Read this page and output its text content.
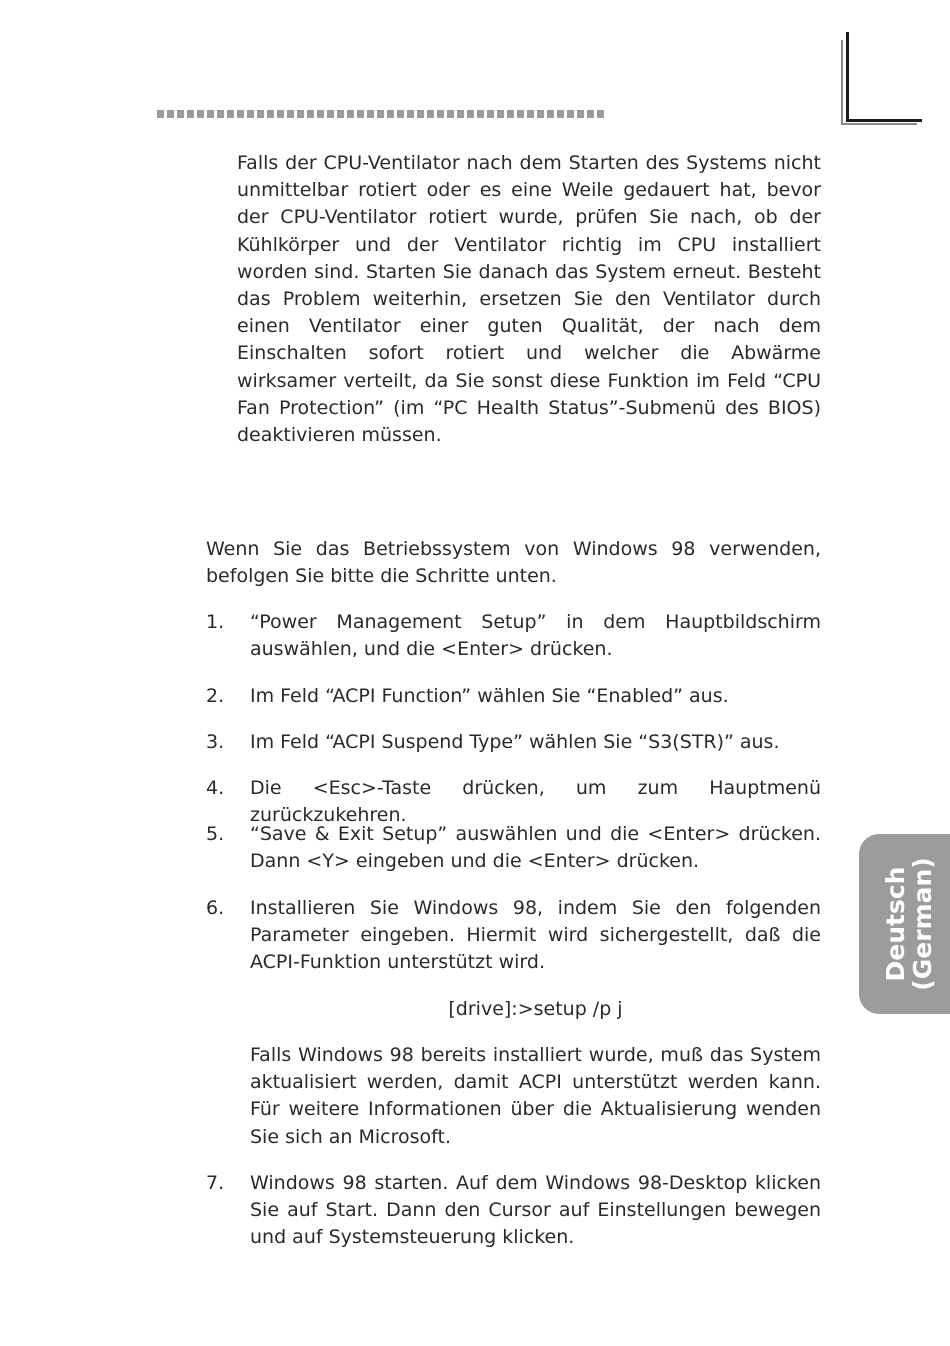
Falls der CPU-Ventilator nach dem Starten des Systems nicht unmittelbar rotiert oder es eine Weile gedauert hat, bevor der CPU-Ventilator rotiert wurde, prüfen Sie nach, ob der Kühlkörper und der Ventilator richtig im CPU installiert worden sind. Starten Sie danach das System erneut. Besteht das Problem weiterhin, ersetzen Sie den Ventilator durch einen Ventilator einer guten Qualität, der nach dem Einschalten sofort rotiert und welcher die Abwärme wirksamer verteilt, da Sie sonst diese Funktion im Feld “CPU Fan Protection” (im “PC Health Status”-Submenü des BIOS) deaktivieren müssen.

Wenn Sie das Betriebssystem von Windows 98 verwenden, befolgen Sie bitte die Schritte unten.

1. “Power Management Setup” in dem Hauptbildschirm auswählen, und die <Enter> drücken.
2. Im Feld “ACPI Function” wählen Sie “Enabled” aus.
3. Im Feld “ACPI Suspend Type” wählen Sie “S3(STR)” aus.
4. Die <Esc>-Taste drücken, um zum Hauptmenü zurückzukehren.
5. “Save & Exit Setup” auswählen und die <Enter> drücken. Dann <Y> eingeben und die <Enter> drücken.
6. Installieren Sie Windows 98, indem Sie den folgenden Parameter eingeben. Hiermit wird sichergestellt, daß die ACPI-Funktion unterstützt wird.
[drive]:>setup /p j

Falls Windows 98 bereits installiert wurde, muß das System aktualisiert werden, damit ACPI unterstützt werden kann. Für weitere Informationen über die Aktualisierung wenden Sie sich an Microsoft.

7. Windows 98 starten. Auf dem Windows 98-Desktop klicken Sie auf Start. Dann den Cursor auf Einstellungen bewegen und auf Systemsteuerung klicken.
Deutsch
(German)
